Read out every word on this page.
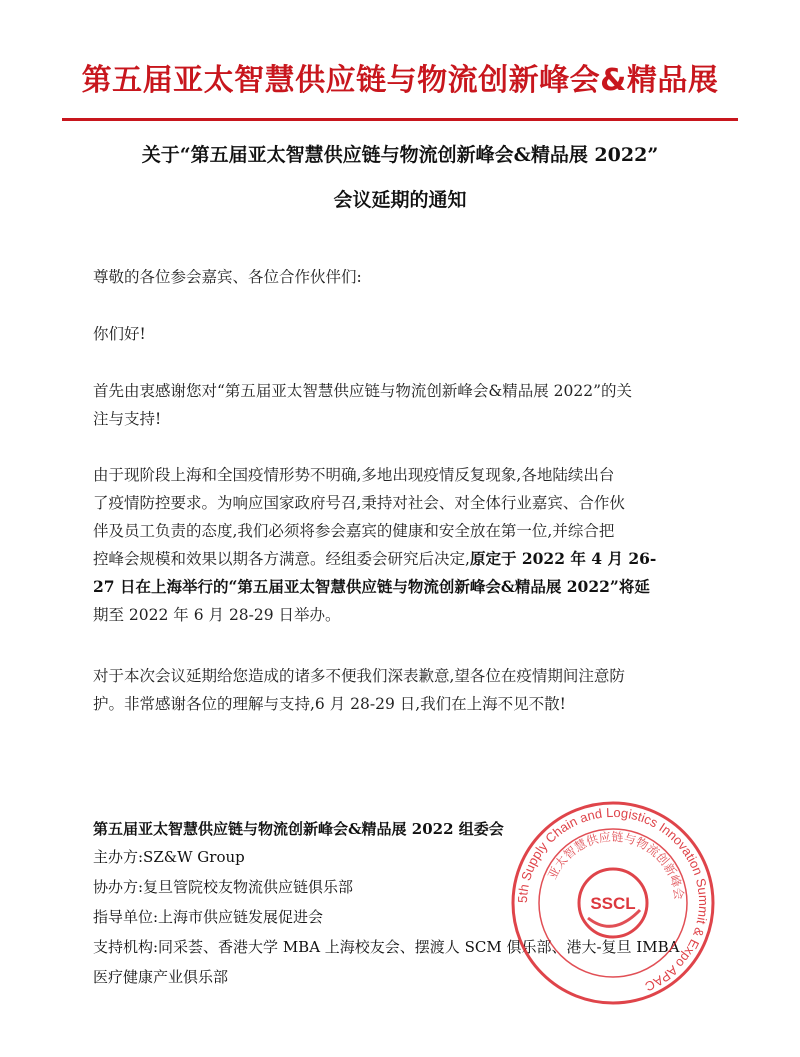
第五届亚太智慧供应链与物流创新峰会&精品展
关于“第五届亚太智慧供应链与物流创新峰会&精品展 2022”
会议延期的通知
尊敬的各位参会嘉宾、各位合作伙伴们:
你们好!
首先由衷感谢您对“第五届亚太智慧供应链与物流创新峰会&精品展 2022”的关
注与支持!
由于现阶段上海和全国疫情形势不明确,多地出现疫情反复现象,各地陆续出台
了疫情防控要求。为响应国家政府号召,秉持对社会、对全体行业嘉宾、合作伙
伴及员工负责的态度,我们必须将参会嘉宾的健康和安全放在第一位,并综合把
控峰会规模和效果以期各方满意。经组委会研究后决定,原定于 2022 年 4 月 26-
27 日在上海举行的“第五届亚太智慧供应链与物流创新峰会&精品展 2022”将延
期至 2022 年 6 月 28-29 日举办。
对于本次会议延期给您造成的诸多不便我们深表歉意,望各位在疫情期间注意防
护。非常感谢各位的理解与支持,6 月 28-29 日,我们在上海不见不散!
第五届亚太智慧供应链与物流创新峰会&精品展 2022 组委会
主办方:SZ&W Group
协办方:复旦管院校友物流供应链俱乐部
指导单位:上海市供应链发展促进会
支持机构:同采荟、香港大学 MBA 上海校友会、摆渡人 SCM 俱乐部、港大-复旦 IMBA
医疗健康产业俱乐部
5th Supply Chain and Logistics Innovation Summit & Expo APAC
亚太智慧供应链与物流创新峰会
SSCL
